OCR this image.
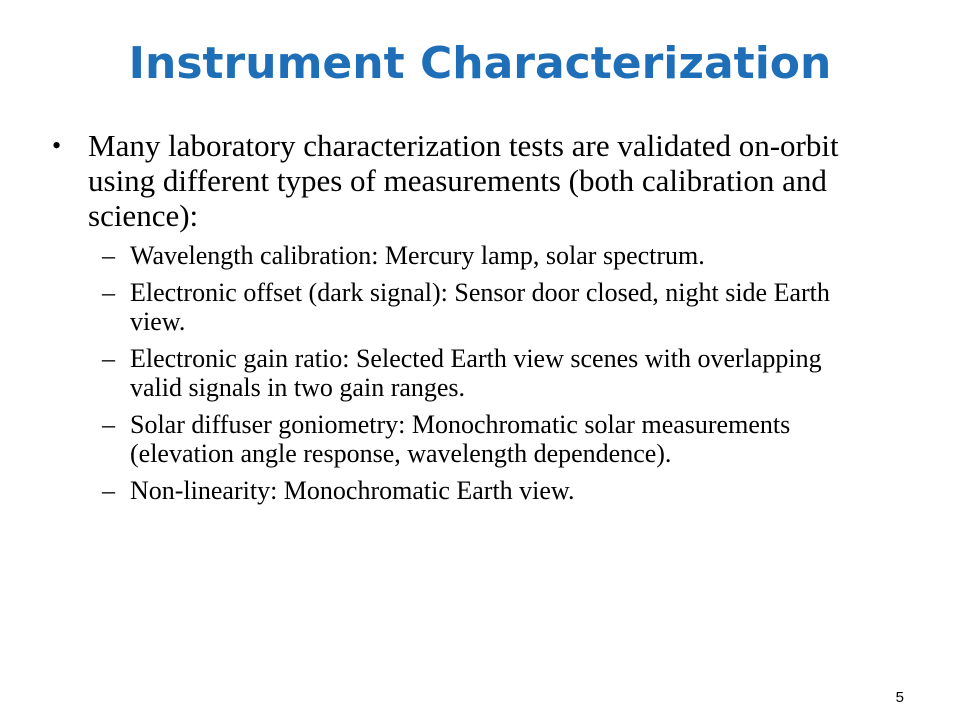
Instrument Characterization
• Many laboratory characterization tests are validated on-orbit using different types of measurements (both calibration and science):
– Wavelength calibration: Mercury lamp, solar spectrum.
– Electronic offset (dark signal): Sensor door closed, night side Earth view.
– Electronic gain ratio: Selected Earth view scenes with overlapping valid signals in two gain ranges.
– Solar diffuser goniometry: Monochromatic solar measurements (elevation angle response, wavelength dependence).
– Non-linearity: Monochromatic Earth view.
5
